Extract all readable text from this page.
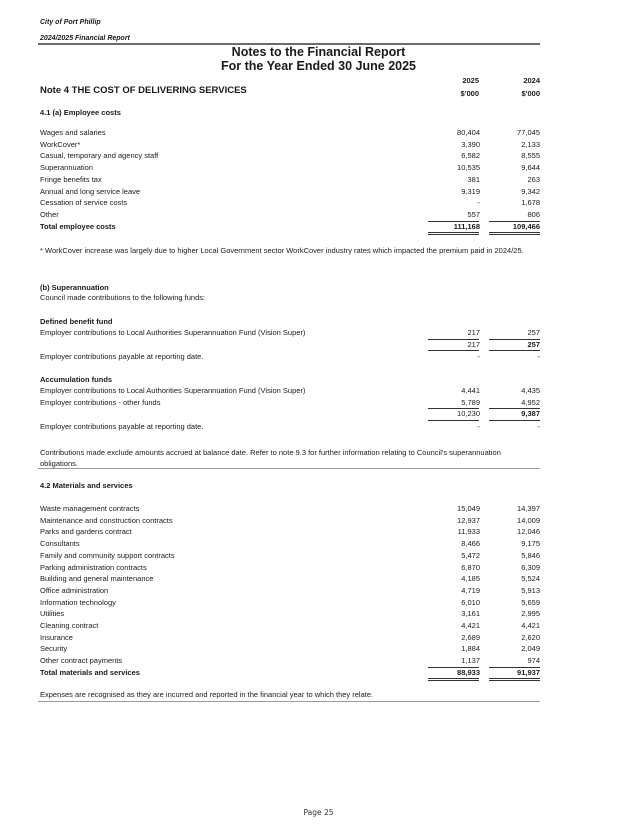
City of Port Phillip
2024/2025 Financial Report
Notes to the Financial Report
For the Year Ended 30 June 2025
2025	2024
$'000	$'000
Note 4 THE COST OF DELIVERING SERVICES
4.1 (a) Employee costs
Wages and salaries	80,404	77,045
WorkCover*	3,390	2,133
Casual, temporary and agency staff	6,582	8,555
Superannuation	10,535	9,644
Fringe benefits tax	381	263
Annual and long service leave	9,319	9,342
Cessation of service costs	-	1,678
Other	557	806
Total employee costs	111,168	109,466
* WorkCover increase was largely due to higher Local Government sector WorkCover industry rates which impacted the premium paid in 2024/25.
(b) Superannuation
Council made contributions to the following funds:
Defined benefit fund
Employer contributions to Local Authorities Superannuation Fund (Vision Super)	217	257
217	257
Employer contributions payable at reporting date.	-	-
Accumulation funds
Employer contributions to Local Authorities Superannuation Fund (Vision Super)	4,441	4,435
Employer contributions - other funds	5,789	4,952
10,230	9,387
Employer contributions payable at reporting date.	-	-
Contributions made exclude amounts accrued at balance date. Refer to note 9.3 for further information relating to Council's superannuation obligations.
4.2 Materials and services
Waste management contracts	15,049	14,397
Maintenance and construction contracts	12,937	14,009
Parks and gardens contract	11,933	12,046
Consultants	8,466	9,175
Family and community support contracts	5,472	5,846
Parking administration contracts	6,870	6,309
Building and general maintenance	4,185	5,524
Office administration	4,719	5,913
Information technology	6,010	5,659
Utilities	3,161	2,995
Cleaning contract	4,421	4,421
Insurance	2,689	2,620
Security	1,884	2,049
Other contract payments	1,137	974
Total materials and services	88,933	91,937
Expenses are recognised as they are incurred and reported in the financial year to which they relate.
Page 25
